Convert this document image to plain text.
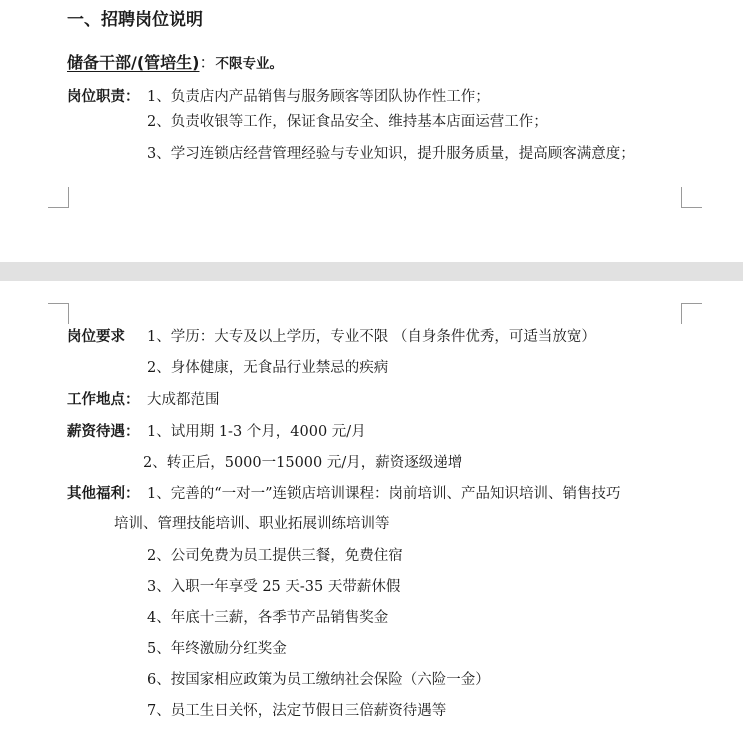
一、招聘岗位说明
储备干部/(管培生)：不限专业。
岗位职责： 1、负责店内产品销售与服务顾客等团队协作性工作；
2、负责收银等工作，保证食品安全、维持基本店面运营工作；
3、学习连锁店经营管理经验与专业知识，提升服务质量，提高顾客满意度；
岗位要求 1、学历：大专及以上学历，专业不限 （自身条件优秀，可适当放宽）
2、身体健康，无食品行业禁忌的疾病
工作地点： 大成都范围
薪资待遇： 1、试用期 1-3 个月，4000 元/月
2、转正后，5000一15000 元/月，薪资逐级递增
其他福利： 1、完善的“一对一”连锁店培训课程：岗前培训、产品知识培训、销售技巧
培训、管理技能培训、职业拓展训练培训等
2、公司免费为员工提供三餐，免费住宿
3、入职一年享受 25 天-35 天带薪休假
4、年底十三薪，各季节产品销售奖金
5、年终激励分红奖金
6、按国家相应政策为员工缴纳社会保险（六险一金）
7、员工生日关怀，法定节假日三倍薪资待遇等
